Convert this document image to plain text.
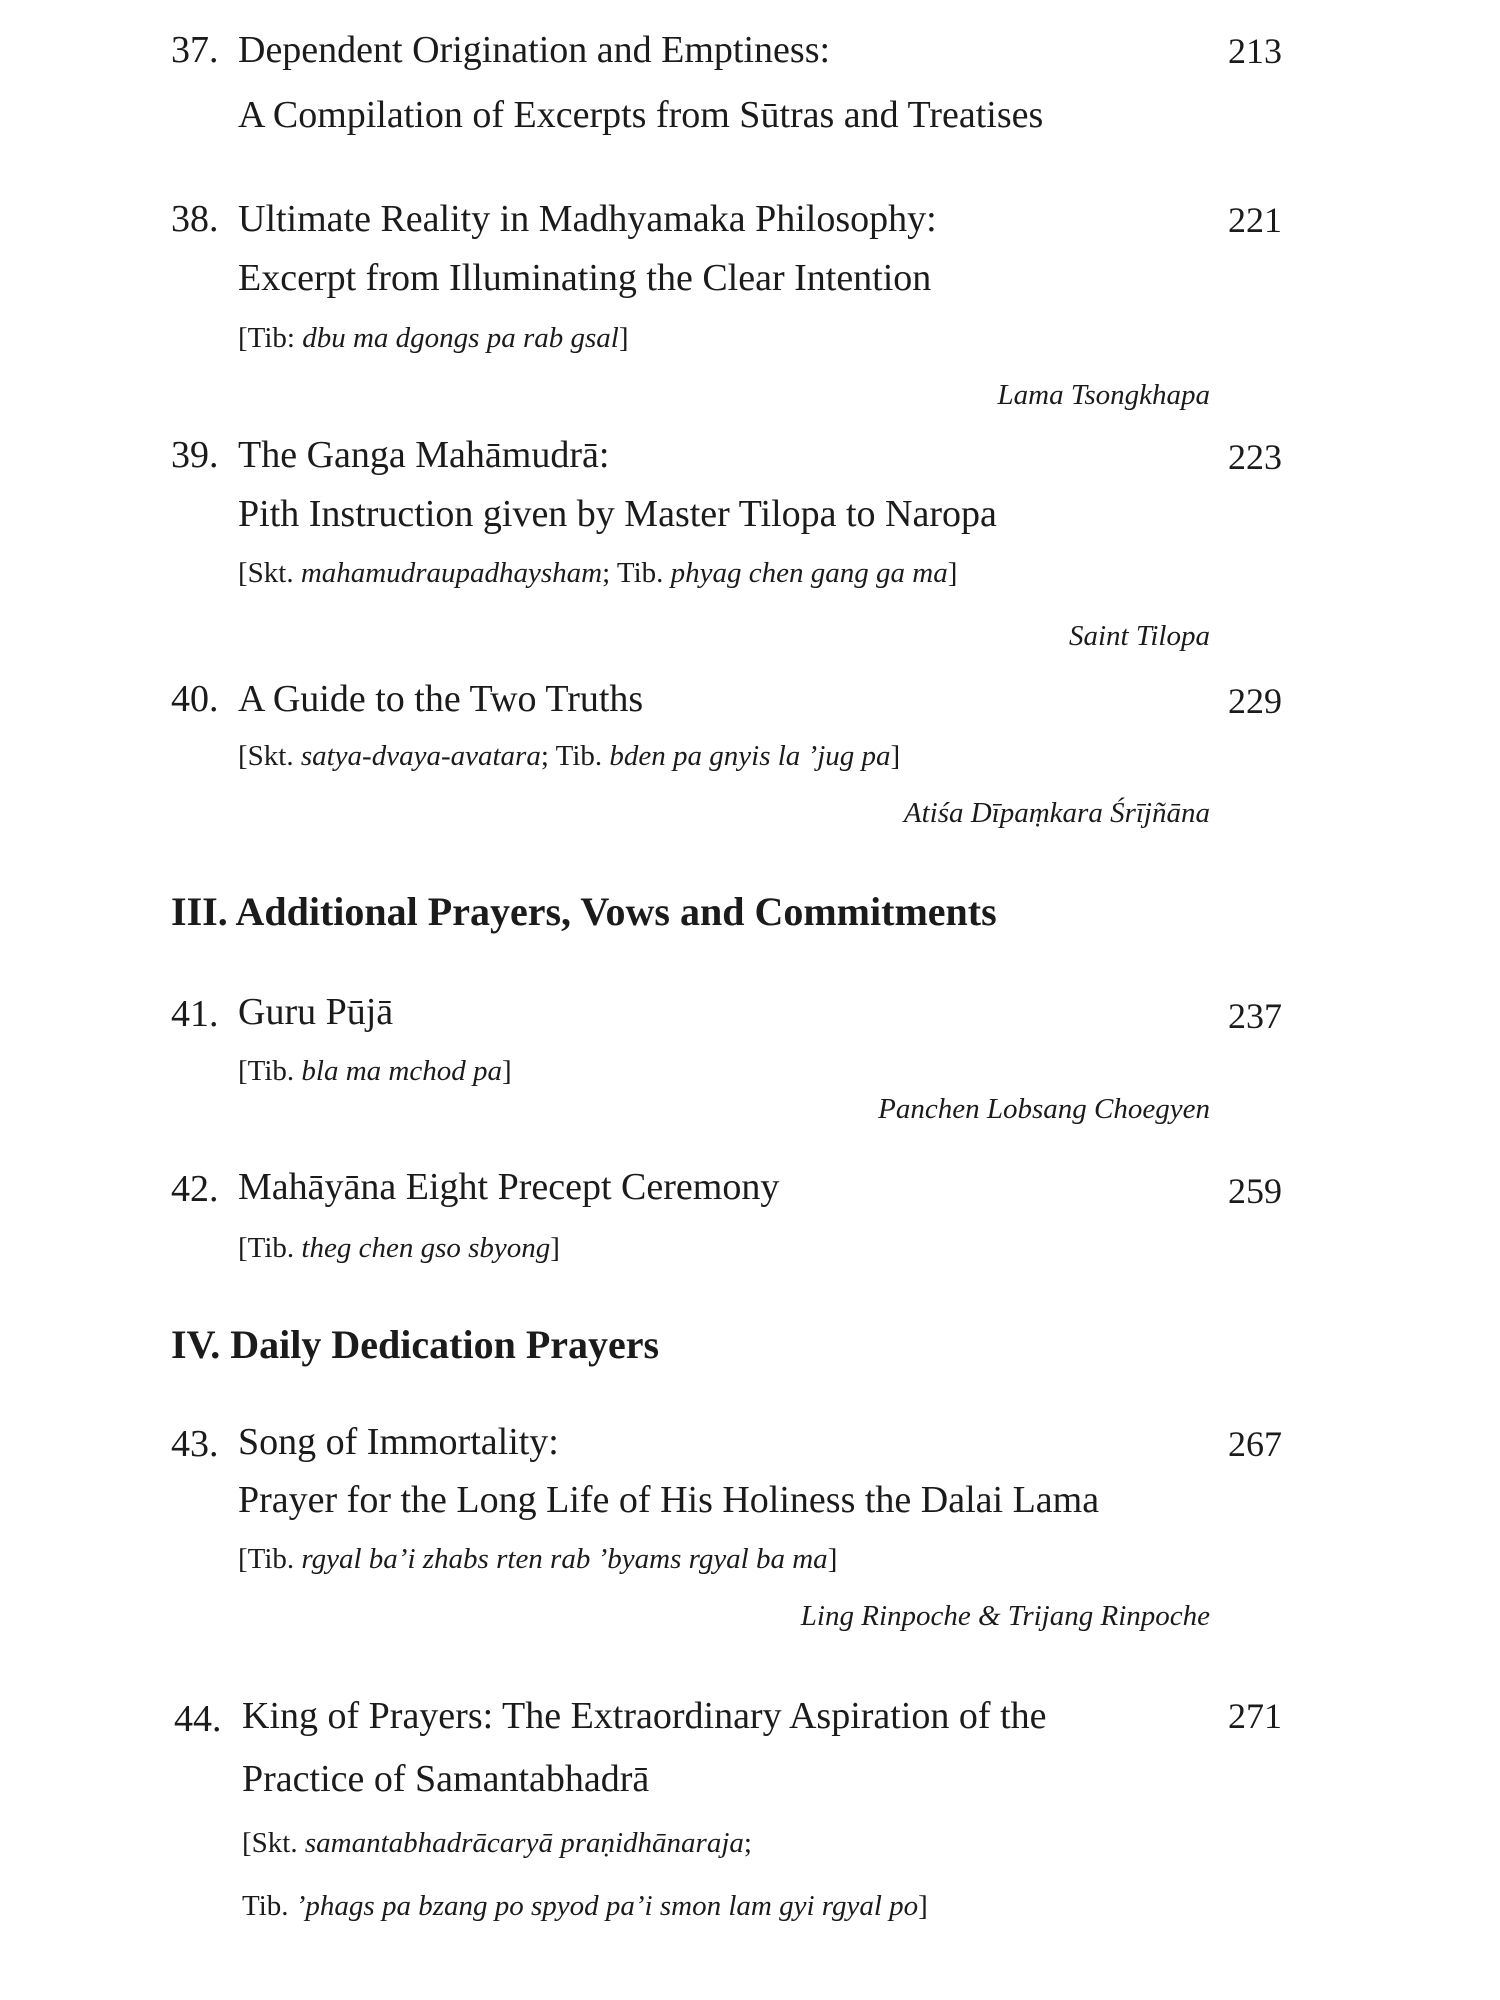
37. Dependent Origination and Emptiness:	213
A Compilation of Excerpts from Sūtras and Treatises
38. Ultimate Reality in Madhyamaka Philosophy:	221
Excerpt from Illuminating the Clear Intention
[Tib: dbu ma dgongs pa rab gsal]
Lama Tsongkhapa
39. The Ganga Mahāmudrā:	223
Pith Instruction given by Master Tilopa to Naropa
[Skt. mahamudraupadhaysham; Tib. phyag chen gang ga ma]
Saint Tilopa
40. A Guide to the Two Truths	229
[Skt. satya-dvaya-avatara; Tib. bden pa gnyis la ’jug pa]
Atiśa Dīpaṃkara Śrījñāna
III. Additional Prayers, Vows and Commitments
41. Guru Pūjā	237
[Tib. bla ma mchod pa]
Panchen Lobsang Choegyen
42. Mahāyāna Eight Precept Ceremony	259
[Tib. theg chen gso sbyong]
IV. Daily Dedication Prayers
43. Song of Immortality:	267
Prayer for the Long Life of His Holiness the Dalai Lama
[Tib. rgyal ba’i zhabs rten rab ’byams rgyal ba ma]
Ling Rinpoche & Trijang Rinpoche
44. King of Prayers: The Extraordinary Aspiration of the	271
Practice of Samantabhadrā
[Skt. samantabhadrācaryā praṇidhānaraja;
Tib. ’phags pa bzang po spyod pa’i smon lam gyi rgyal po]
